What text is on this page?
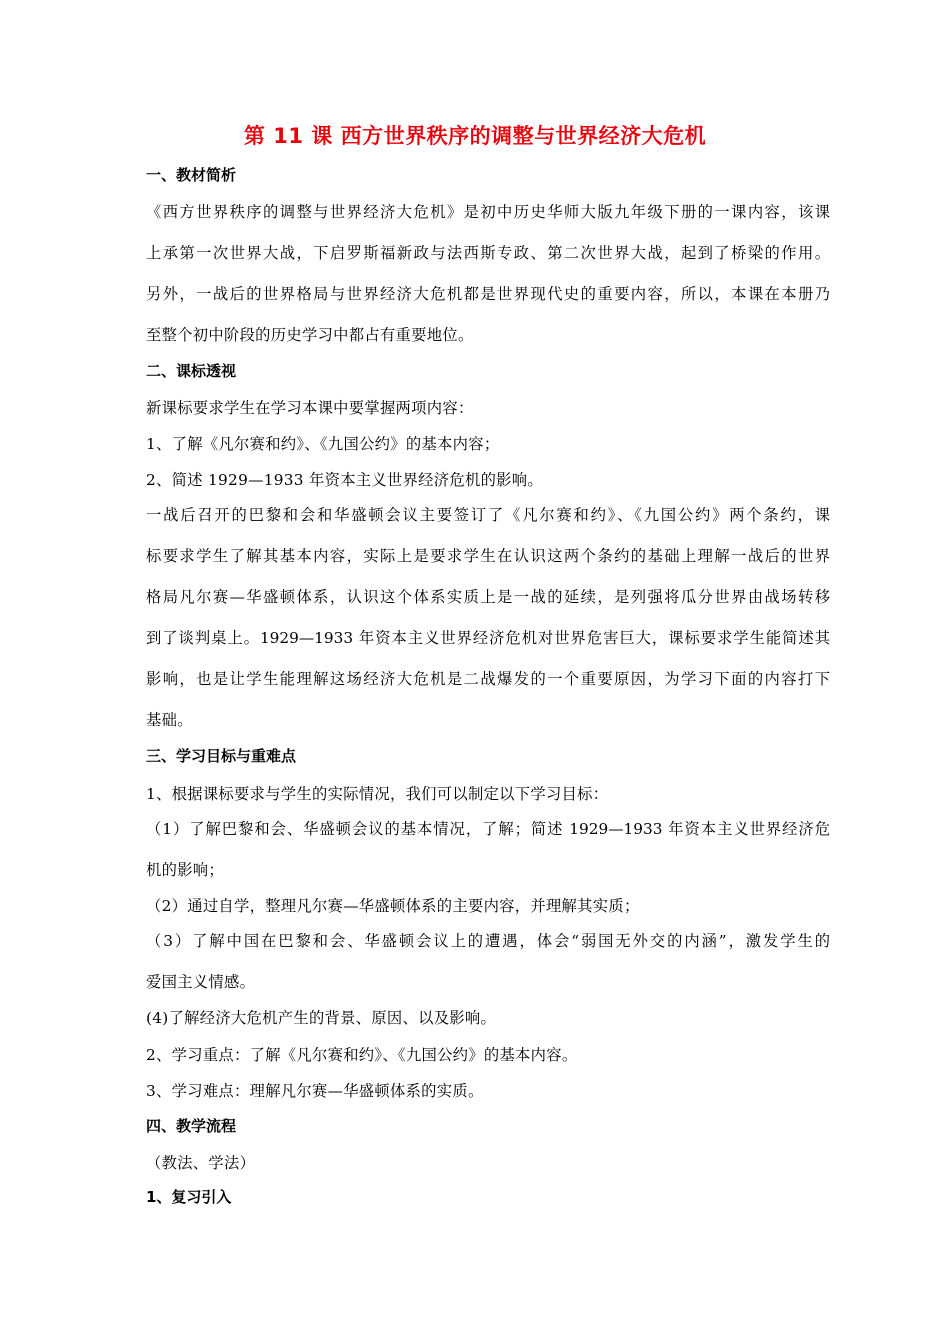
第 11 课 西方世界秩序的调整与世界经济大危机
一、教材简析
《西方世界秩序的调整与世界经济大危机》是初中历史华师大版九年级下册的一课内容，该课
上承第一次世界大战，下启罗斯福新政与法西斯专政、第二次世界大战，起到了桥梁的作用。
另外，一战后的世界格局与世界经济大危机都是世界现代史的重要内容，所以，本课在本册乃
至整个初中阶段的历史学习中都占有重要地位。
二、课标透视
新课标要求学生在学习本课中要掌握两项内容：
1、了解《凡尔赛和约》、《九国公约》的基本内容；
2、简述 1929—1933 年资本主义世界经济危机的影响。
一战后召开的巴黎和会和华盛顿会议主要签订了《凡尔赛和约》、《九国公约》两个条约，课
标要求学生了解其基本内容，实际上是要求学生在认识这两个条约的基础上理解一战后的世界
格局凡尔赛—华盛顿体系，认识这个体系实质上是一战的延续，是列强将瓜分世界由战场转移
到了谈判桌上。1929—1933 年资本主义世界经济危机对世界危害巨大，课标要求学生能简述其
影响，也是让学生能理解这场经济大危机是二战爆发的一个重要原因，为学习下面的内容打下
基础。
三、学习目标与重难点
1、根据课标要求与学生的实际情况，我们可以制定以下学习目标：
（1）了解巴黎和会、华盛顿会议的基本情况，了解；简述 1929—1933 年资本主义世界经济危
机的影响；
（2）通过自学，整理凡尔赛—华盛顿体系的主要内容，并理解其实质；
（3）了解中国在巴黎和会、华盛顿会议上的遭遇，体会“弱国无外交的内涵”，激发学生的
爱国主义情感。
(4)了解经济大危机产生的背景、原因、以及影响。
2、学习重点：了解《凡尔赛和约》、《九国公约》的基本内容。
3、学习难点：理解凡尔赛—华盛顿体系的实质。
四、教学流程
（教法、学法）
1、复习引入
